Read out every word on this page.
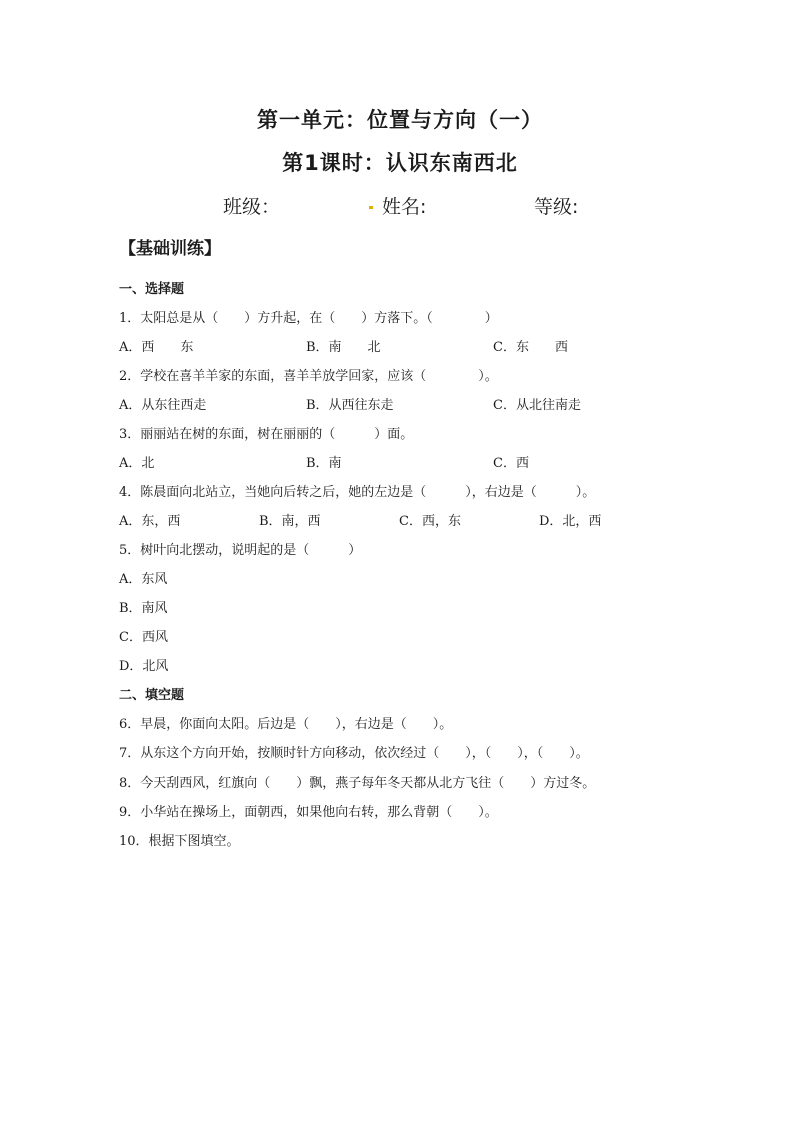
第一单元：位置与方向（一）
第1课时：认识东南西北
班级：	姓名:	等级:
【基础训练】
一、选择题
1．太阳总是从（　　）方升起，在（　　）方落下。（　　　　）
A．西　　东	B．南　　北	C．东　　西
2．学校在喜羊羊家的东面，喜羊羊放学回家，应该（　　　　）。
A．从东往西走	B．从西往东走	C．从北往南走
3．丽丽站在树的东面，树在丽丽的（　　　）面。
A．北	B．南	C．西
4．陈晨面向北站立，当她向后转之后，她的左边是（　　　），右边是（　　　）。
A．东，西	B．南，西	C．西，东	D．北，西
5．树叶向北摆动，说明起的是（　　　）
A．东风
B．南风
C．西风
D．北风
二、填空题
6．早晨，你面向太阳。后边是（　　），右边是（　　）。
7．从东这个方向开始，按顺时针方向移动，依次经过（　　），（　　），（　　）。
8．今天刮西风，红旗向（　　）飘，燕子每年冬天都从北方飞往（　　）方过冬。
9．小华站在操场上，面朝西，如果他向右转，那么背朝（　　）。
10．根据下图填空。
